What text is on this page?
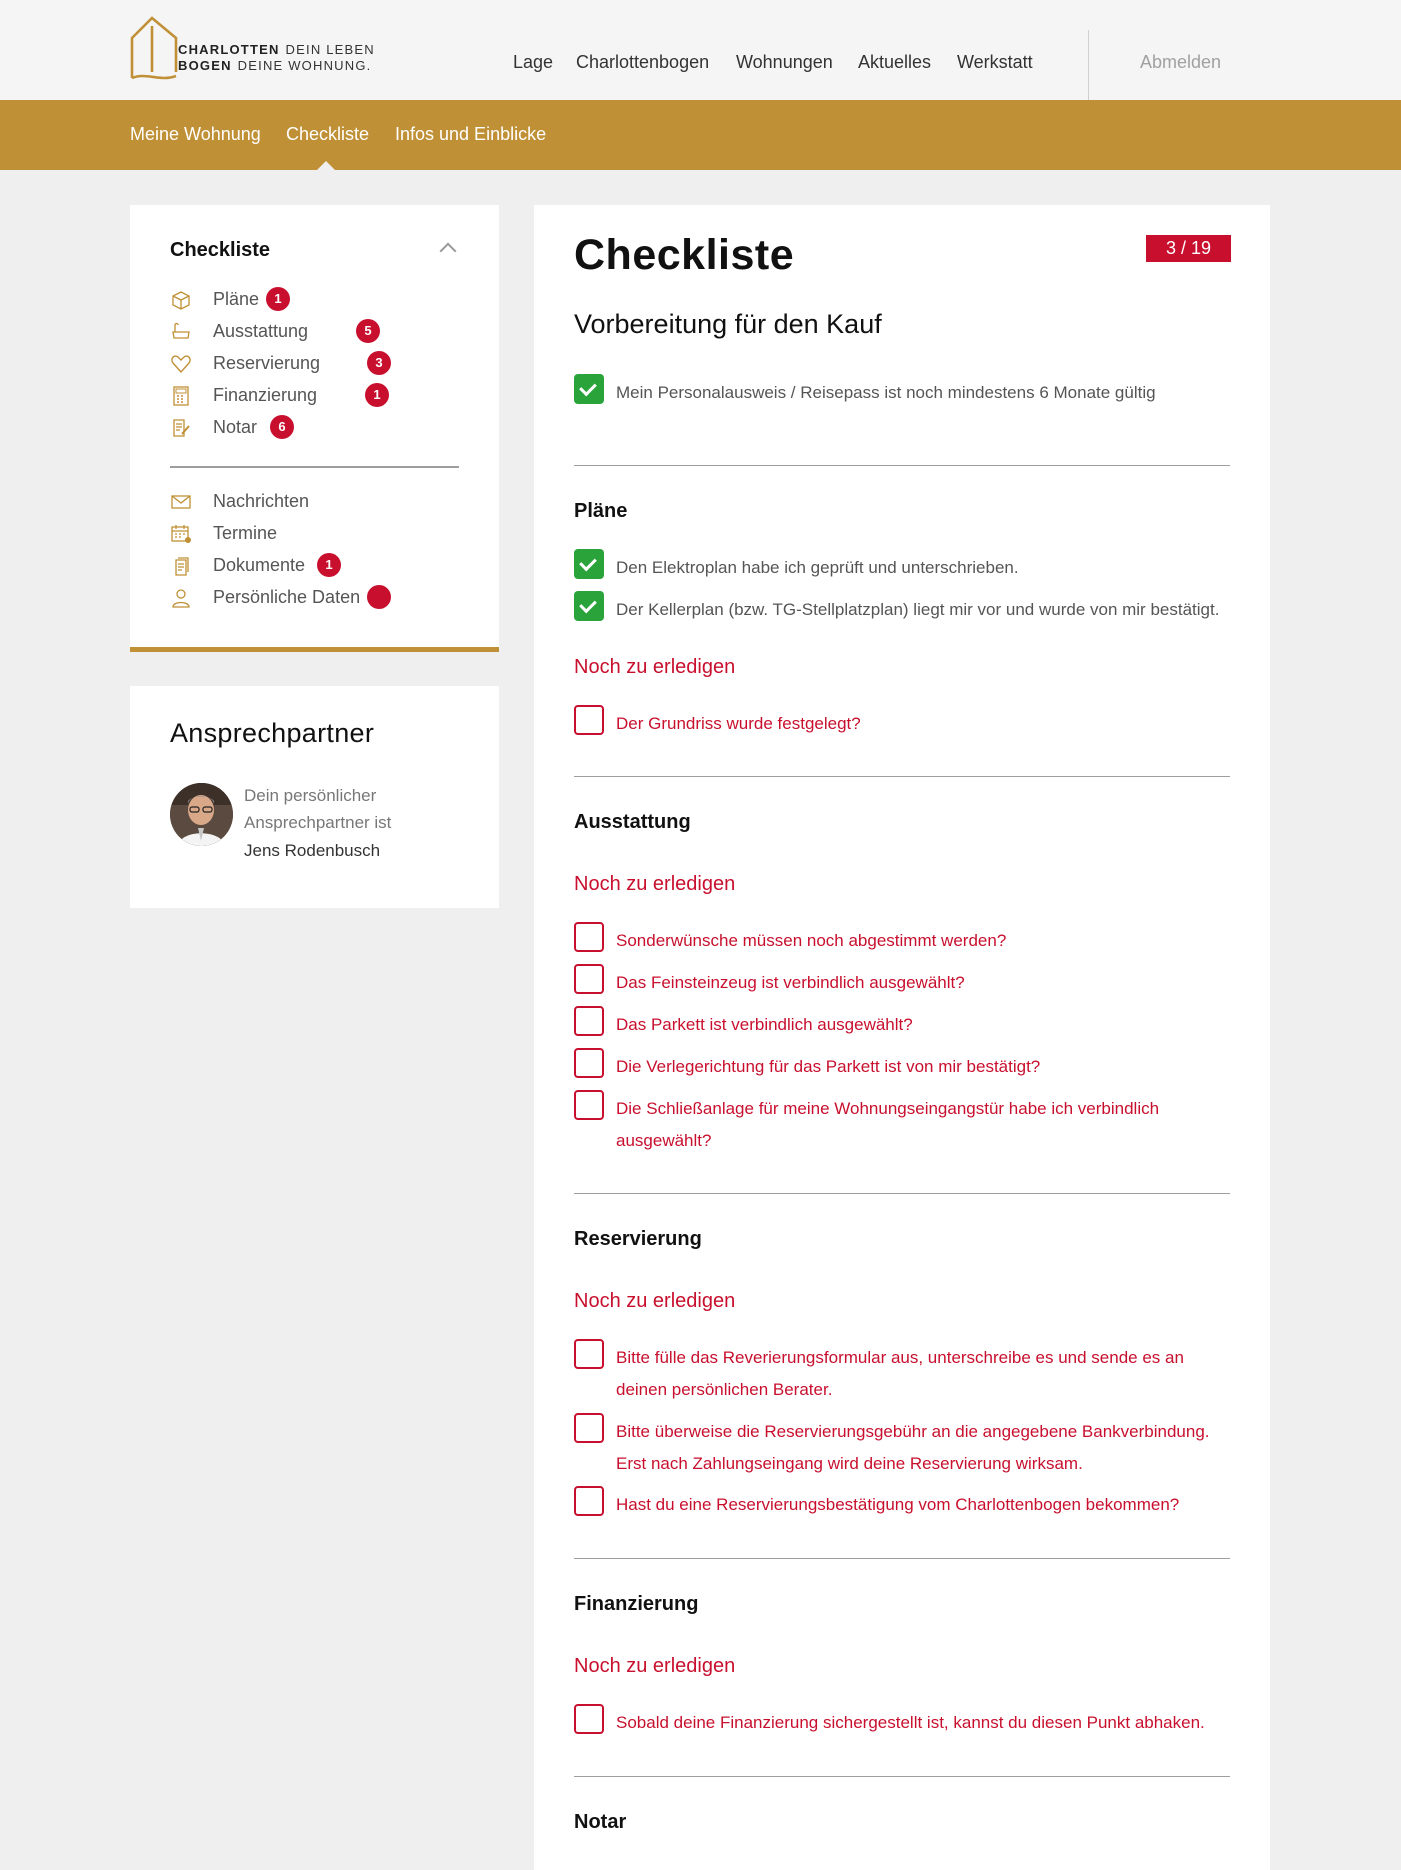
CHARLOTTEN DEIN LEBEN
BOGEN DEINE WOHNUNG.	Lage Charlottenbogen Wohnungen Aktuelles Werkstatt	Abmelden
Meine Wohnung Checkliste Infos und Einblicke
Checkliste
Pläne	1
Ausstattung	5
Reservierung	3
Finanzierung	1
Notar	6
Nachrichten
Termine
Dokumente	1
Persönliche Daten
Ansprechpartner
Dein persönlicher
Ansprechpartner ist
Jens Rodenbusch
Checkliste	3 / 19
Vorbereitung für den Kauf
Mein Personalausweis / Reisepass ist noch mindestens 6 Monate gültig
Pläne
Den Elektroplan habe ich geprüft und unterschrieben.
Der Kellerplan (bzw. TG-Stellplatzplan) liegt mir vor und wurde von mir bestätigt.
Noch zu erledigen
Der Grundriss wurde festgelegt?
Ausstattung
Noch zu erledigen
Sonderwünsche müssen noch abgestimmt werden?
Das Feinsteinzeug ist verbindlich ausgewählt?
Das Parkett ist verbindlich ausgewählt?
Die Verlegerichtung für das Parkett ist von mir bestätigt?
Die Schließanlage für meine Wohnungseingangstür habe ich verbindlich ausgewählt?
Reservierung
Noch zu erledigen
Bitte fülle das Reverierungsformular aus, unterschreibe es und sende es an deinen persönlichen Berater.
Bitte überweise die Reservierungsgebühr an die angegebene Bankverbindung. Erst nach Zahlungseingang wird deine Reservierung wirksam.
Hast du eine Reservierungsbestätigung vom Charlottenbogen bekommen?
Finanzierung
Noch zu erledigen
Sobald deine Finanzierung sichergestellt ist, kannst du diesen Punkt abhaken.
Notar
